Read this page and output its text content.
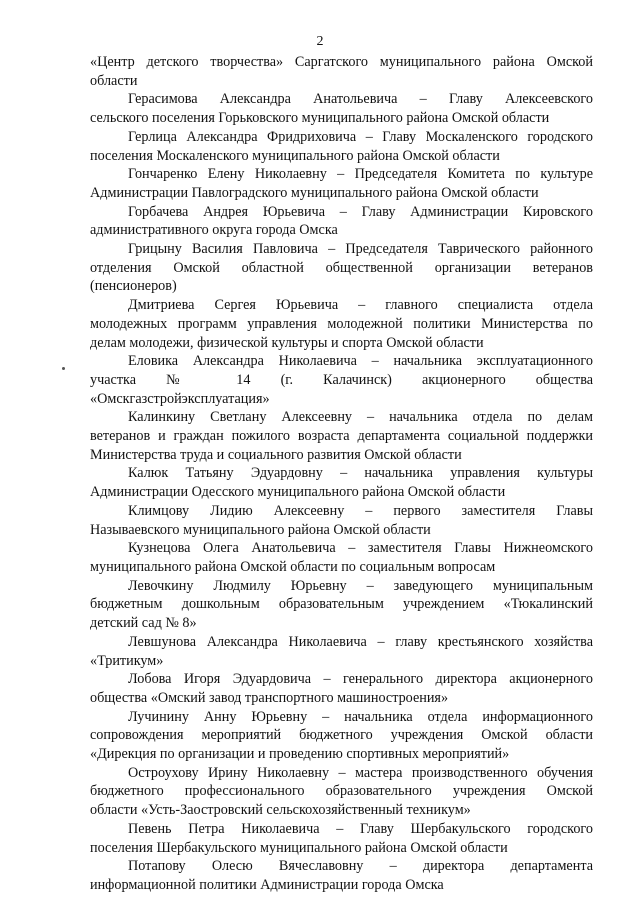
2
«Центр детского творчества» Саргатского муниципального района Омской
области
Герасимова Александра Анатольевича – Главу Алексеевского
сельского поселения Горьковского муниципального района Омской области
Герлица Александра Фридриховича – Главу Москаленского городского
поселения Москаленского муниципального района Омской области
Гончаренко Елену Николаевну – Председателя Комитета по культуре
Администрации Павлоградского муниципального района Омской области
Горбачева Андрея Юрьевича – Главу Администрации Кировского
административного округа города Омска
Грицыну Василия Павловича – Председателя Таврического районного
отделения Омской областной общественной организации ветеранов
(пенсионеров)
Дмитриева Сергея Юрьевича – главного специалиста отдела
молодежных программ управления молодежной политики Министерства по
делам молодежи, физической культуры и спорта Омской области
Еловика Александра Николаевича – начальника эксплуатационного
участка № 14 (г. Калачинск) акционерного общества
«Омскгазстройэксплуатация»
Калинкину Светлану Алексеевну – начальника отдела по делам
ветеранов и граждан пожилого возраста департамента социальной поддержки
Министерства труда и социального развития Омской области
Калюк Татьяну Эдуардовну – начальника управления культуры
Администрации Одесского муниципального района Омской области
Климцову Лидию Алексеевну – первого заместителя Главы
Называевского муниципального района Омской области
Кузнецова Олега Анатольевича – заместителя Главы Нижнеомского
муниципального района Омской области по социальным вопросам
Левочкину Людмилу Юрьевну – заведующего муниципальным
бюджетным дошкольным образовательным учреждением «Тюкалинский
детский сад № 8»
Левшунова Александра Николаевича – главу крестьянского хозяйства
«Тритикум»
Лобова Игоря Эдуардовича – генерального директора акционерного
общества «Омский завод транспортного машиностроения»
Лучинину Анну Юрьевну – начальника отдела информационного
сопровождения мероприятий бюджетного учреждения Омской области
«Дирекция по организации и проведению спортивных мероприятий»
Остроухову Ирину Николаевну – мастера производственного обучения
бюджетного профессионального образовательного учреждения Омской
области «Усть-Заостровский сельскохозяйственный техникум»
Певень Петра Николаевича – Главу Шербакульского городского
поселения Шербакульского муниципального района Омской области
Потапову Олесю Вячеславовну – директора департамента
информационной политики Администрации города Омска
